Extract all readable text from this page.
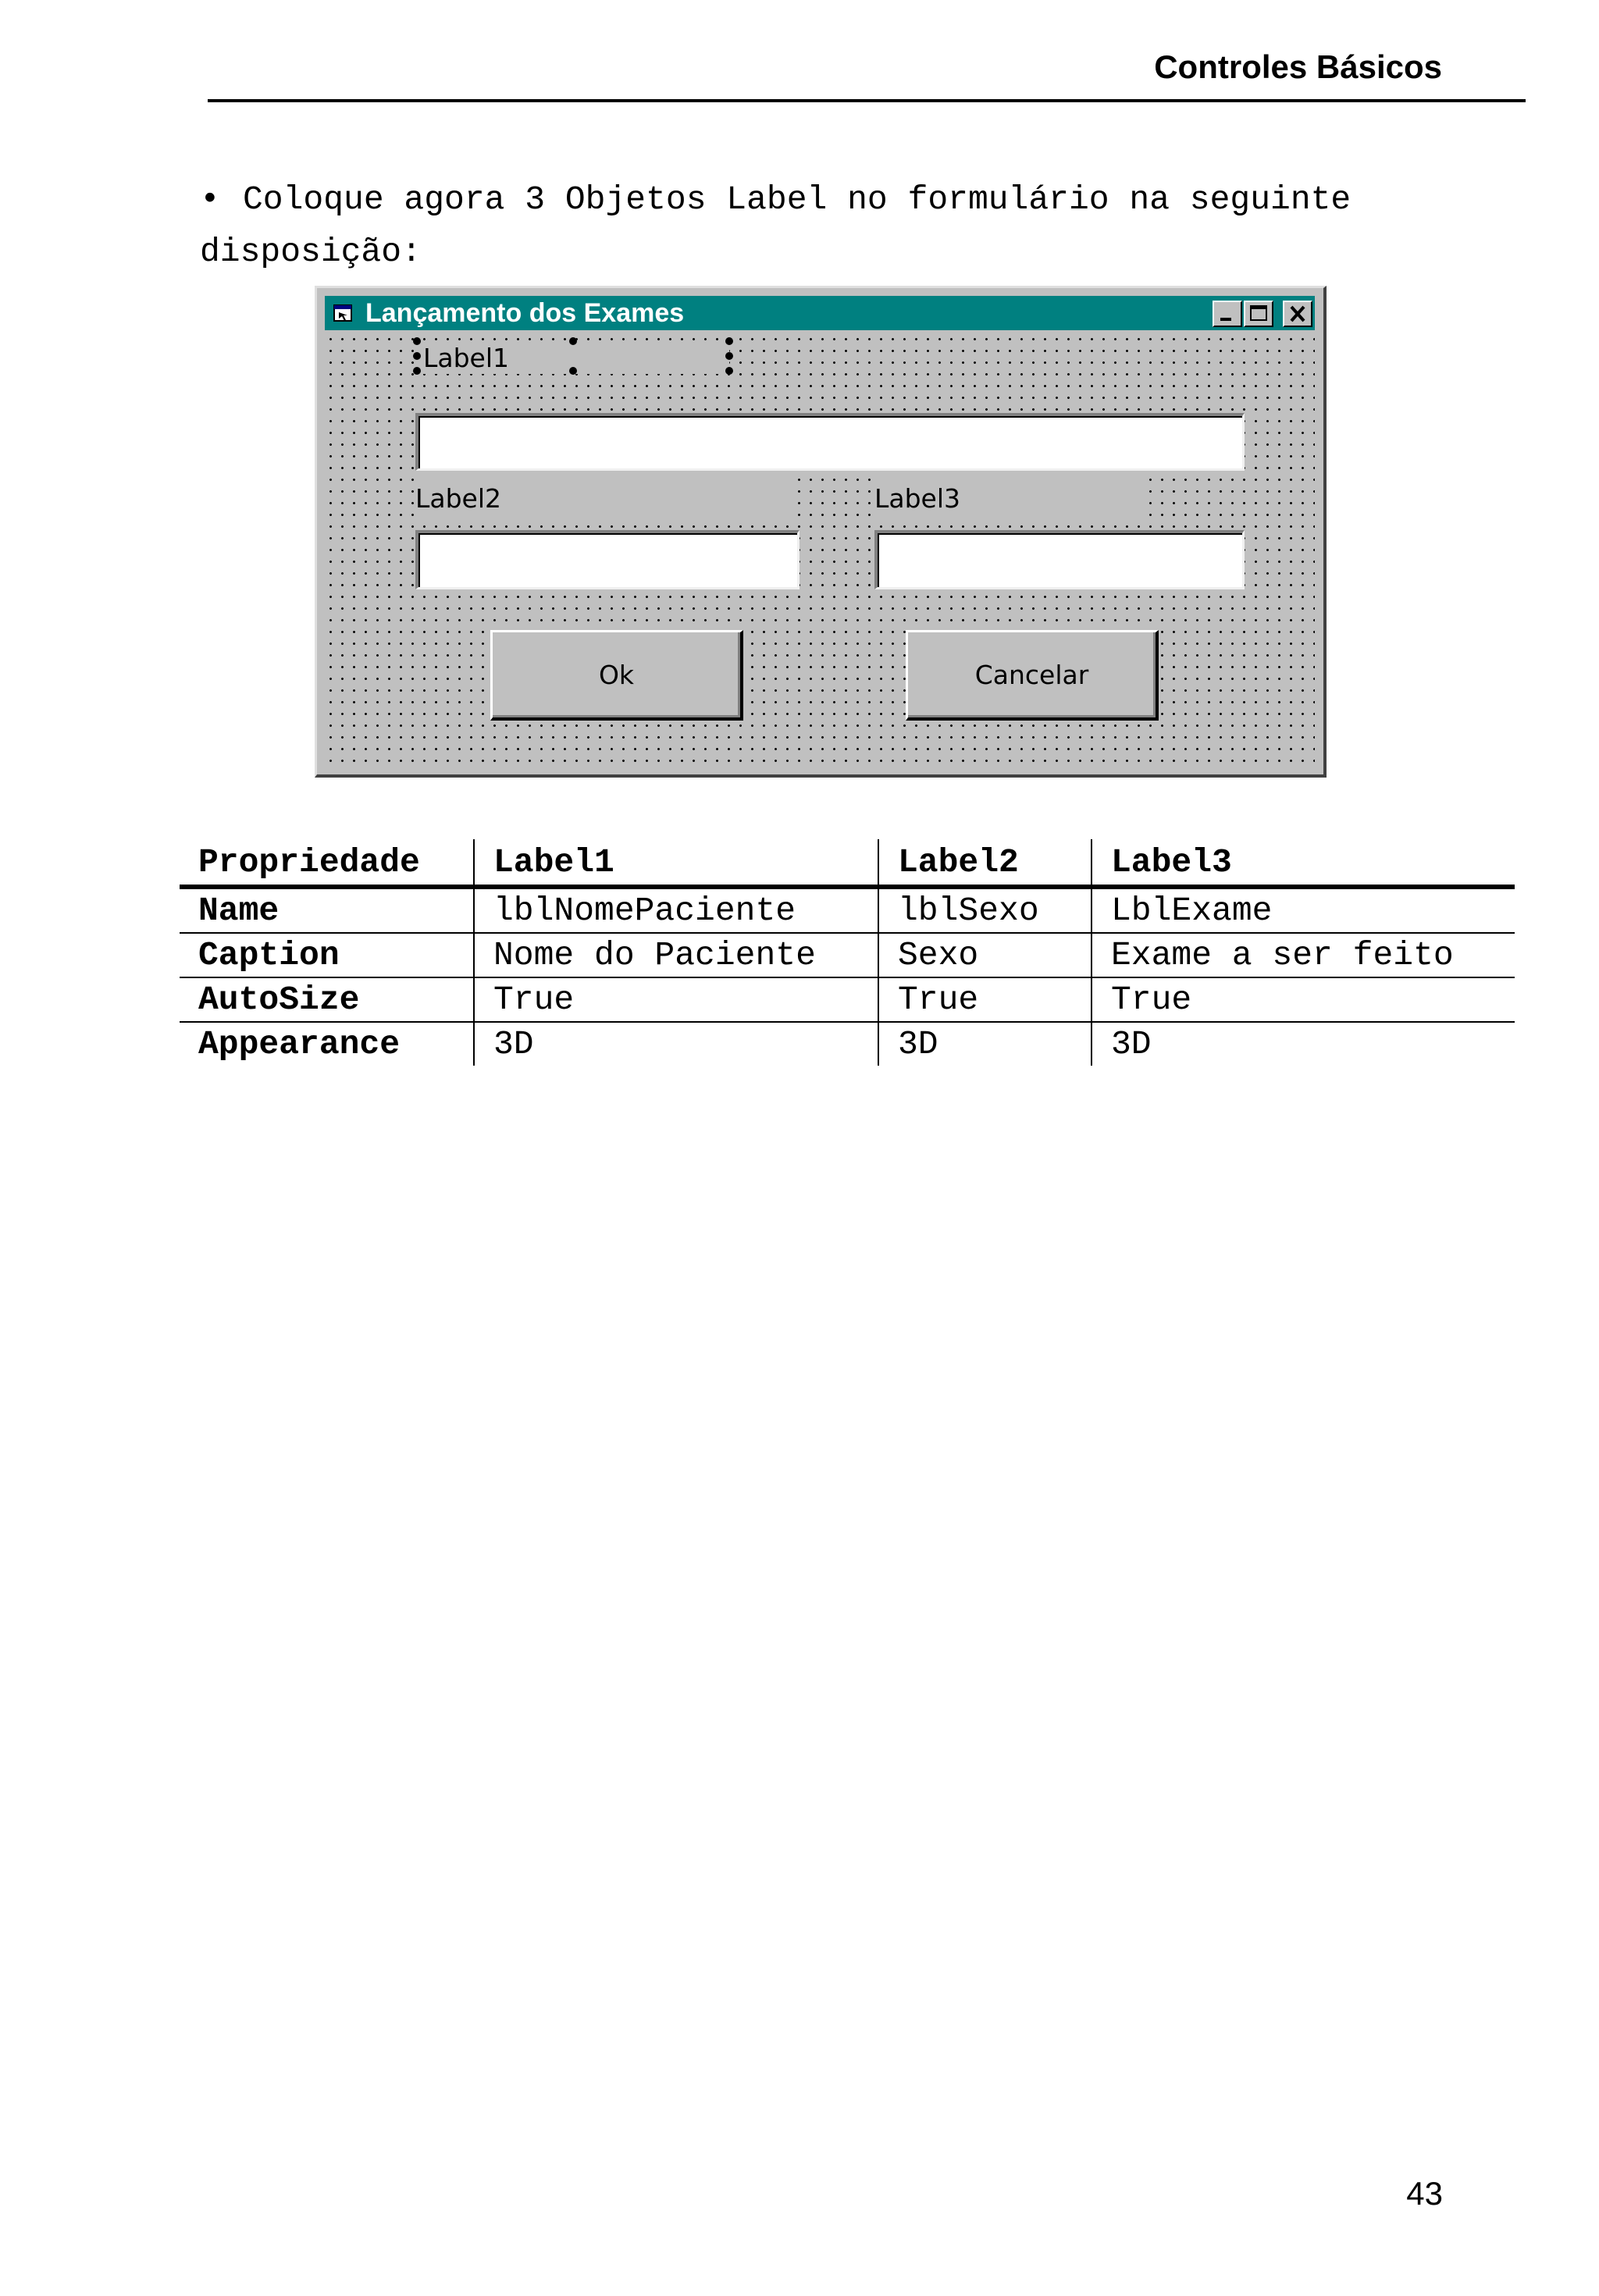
Controles Básicos
• Coloque agora 3 Objetos Label no formulário na seguinte
disposição:
Lançamento dos Exames
Label1
Label2	Label3
Ok	Cancelar
Propriedade	Label1	Label2	Label3
Name	lblNomePaciente	lblSexo	LblExame
Caption	Nome do Paciente	Sexo	Exame a ser feito
AutoSize	True	True	True
Appearance	3D	3D	3D
43
